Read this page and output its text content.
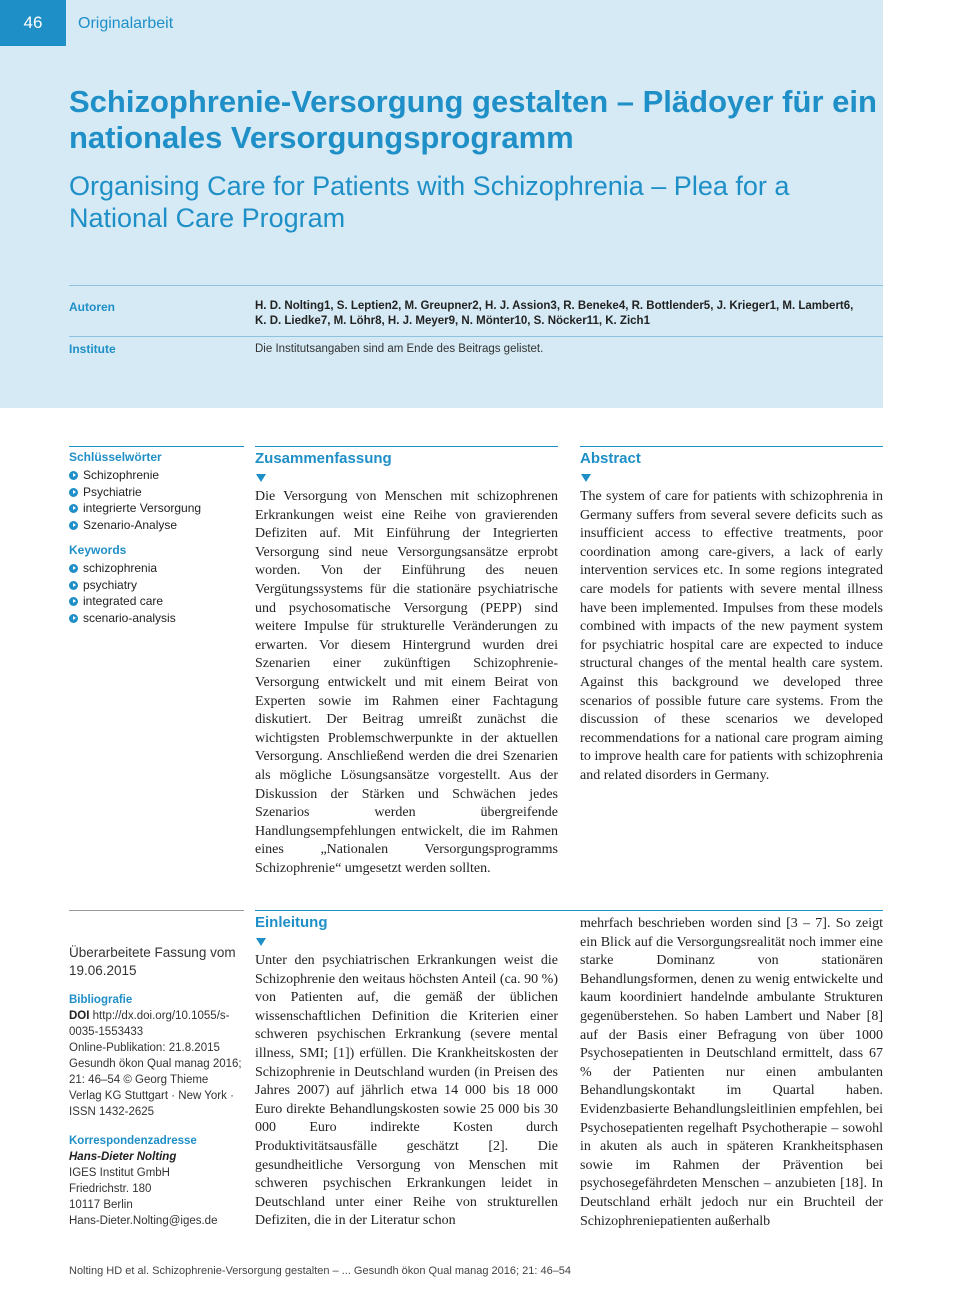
46	Originalarbeit
Schizophrenie-Versorgung gestalten – Plädoyer für ein nationales Versorgungsprogramm
Organising Care for Patients with Schizophrenia – Plea for a National Care Program
Autoren	H. D. Nolting1, S. Leptien2, M. Greupner2, H. J. Assion3, R. Beneke4, R. Bottlender5, J. Krieger1, M. Lambert6,
K. D. Liedke7, M. Löhr8, H. J. Meyer9, N. Mönter10, S. Nöcker11, K. Zich1
Institute	Die Institutsangaben sind am Ende des Beitrags gelistet.
Schlüsselwörter
Schizophrenie
Psychiatrie
integrierte Versorgung
Szenario-Analyse
Keywords
schizophrenia
psychiatry
integrated care
scenario-analysis
Zusammenfassung

Die Versorgung von Menschen mit schizophrenen Erkrankungen weist eine Reihe von gravierenden Defiziten auf. Mit Einführung der Integrierten Versorgung sind neue Versorgungsansätze erprobt worden. Von der Einführung des neuen Vergütungssystems für die stationäre psychiatrische und psychosomatische Versorgung (PEPP) sind weitere Impulse für strukturelle Veränderungen zu erwarten. Vor diesem Hintergrund wurden drei Szenarien einer zukünftigen Schizophrenie-Versorgung entwickelt und mit einem Beirat von Experten sowie im Rahmen einer Fachtagung diskutiert. Der Beitrag umreißt zunächst die wichtigsten Problemschwerpunkte in der aktuellen Versorgung. Anschließend werden die drei Szenarien als mögliche Lösungsansätze vorgestellt. Aus der Diskussion der Stärken und Schwächen jedes Szenarios werden übergreifende Handlungsempfehlungen entwickelt, die im Rahmen eines „Nationalen Versorgungsprogramms Schizophrenie“ umgesetzt werden sollten.

Abstract

The system of care for patients with schizophrenia in Germany suffers from several severe deficits such as insufficient access to effective treatments, poor coordination among care-givers, a lack of early intervention services etc. In some regions integrated care models for patients with severe mental illness have been implemented. Impulses from these models combined with impacts of the new payment system for psychiatric hospital care are expected to induce structural changes of the mental health care system. Against this background we developed three scenarios of possible future care systems. From the discussion of these scenarios we developed recommendations for a national care program aiming to improve health care for patients with schizophrenia and related disorders in Germany.

Überarbeitete Fassung vom 19.06.2015
Bibliografie
DOI http://dx.doi.org/10.1055/s-0035-1553433
Online-Publikation: 21.8.2015 Gesundh ökon Qual manag 2016; 21: 46–54 © Georg Thieme Verlag KG Stuttgart · New York · ISSN 1432-2625
Korrespondenzadresse
Hans-Dieter Nolting
IGES Institut GmbH
Friedrichstr. 180
10117 Berlin
Hans-Dieter.Nolting@iges.de
Einleitung

Unter den psychiatrischen Erkrankungen weist die Schizophrenie den weitaus höchsten Anteil (ca. 90 %) von Patienten auf, die gemäß der üblichen wissenschaftlichen Definition die Kriterien einer schweren psychischen Erkrankung (severe mental illness, SMI; [1]) erfüllen. Die Krankheitskosten der Schizophrenie in Deutschland wurden (in Preisen des Jahres 2007) auf jährlich etwa 14 000 bis 18 000 Euro direkte Behandlungskosten sowie 25 000 bis 30 000 Euro indirekte Kosten durch Produktivitätsausfälle geschätzt [2]. Die gesundheitliche Versorgung von Menschen mit schweren psychischen Erkrankungen leidet in Deutschland unter einer Reihe von strukturellen Defiziten, die in der Literatur schon

mehrfach beschrieben worden sind [3 – 7]. So zeigt ein Blick auf die Versorgungsrealität noch immer eine starke Dominanz von stationären Behandlungsformen, denen zu wenig entwickelte und kaum koordiniert handelnde ambulante Strukturen gegenüberstehen. So haben Lambert und Naber [8] auf der Basis einer Befragung von über 1000 Psychosepatienten in Deutschland ermittelt, dass 67 % der Patienten nur einen ambulanten Behandlungskontakt im Quartal haben. Evidenzbasierte Behandlungsleitlinien empfehlen, bei Psychosepatienten regelhaft Psychotherapie – sowohl in akuten als auch in späteren Krankheitsphasen sowie im Rahmen der Prävention bei psychosegefährdeten Menschen – anzubieten [18]. In Deutschland erhält jedoch nur ein Bruchteil der Schizophreniepatienten außerhalb

Nolting HD et al. Schizophrenie-Versorgung gestalten – ... Gesundh ökon Qual manag 2016; 21: 46–54
